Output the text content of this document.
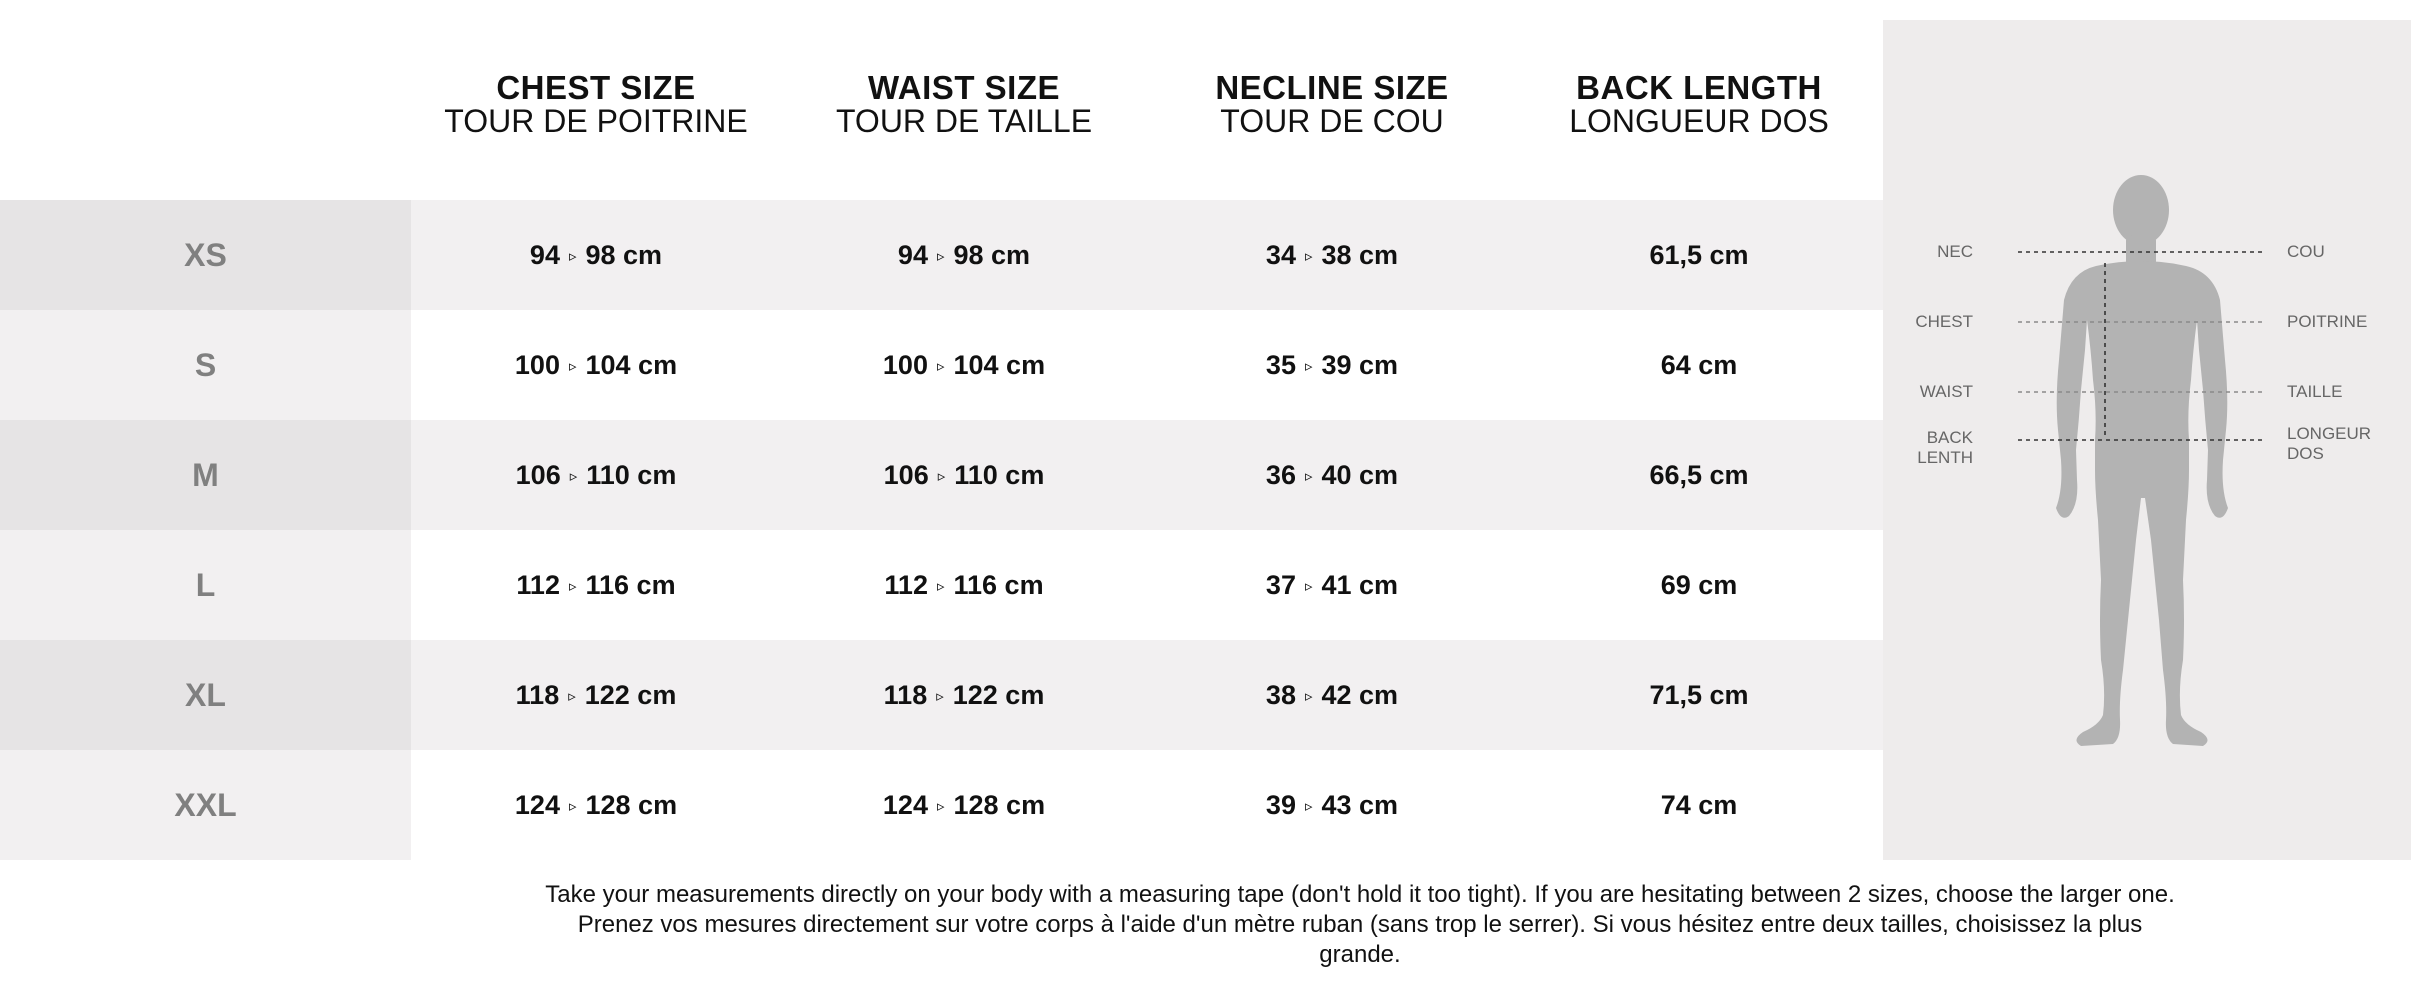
CHEST SIZE
TOUR DE POITRINE
WAIST SIZE
TOUR DE TAILLE
NECLINE SIZE
TOUR DE COU
BACK LENGTH
LONGUEUR DOS
XS	94 ▹ 98 cm	94 ▹ 98 cm	34 ▹ 38 cm	61,5 cm
S	100 ▹ 104 cm	100 ▹ 104 cm	35 ▹ 39 cm	64 cm
M	106 ▹ 110 cm	106 ▹ 110 cm	36 ▹ 40 cm	66,5 cm
L	112 ▹ 116 cm	112 ▹ 116 cm	37 ▹ 41 cm	69 cm
XL	118 ▹ 122 cm	118 ▹ 122 cm	38 ▹ 42 cm	71,5 cm
XXL	124 ▹ 128 cm	124 ▹ 128 cm	39 ▹ 43 cm	74 cm
NEC
CHEST
WAIST
BACK
LENTH
COU
POITRINE
TAILLE
LONGEUR
DOS
Take your measurements directly on your body with a measuring tape (don't hold it too tight). If you are hesitating between 2 sizes, choose the larger one.
Prenez vos mesures directement sur votre corps à l'aide d'un mètre ruban (sans trop le serrer). Si vous hésitez entre deux tailles, choisissez la plus grande.
